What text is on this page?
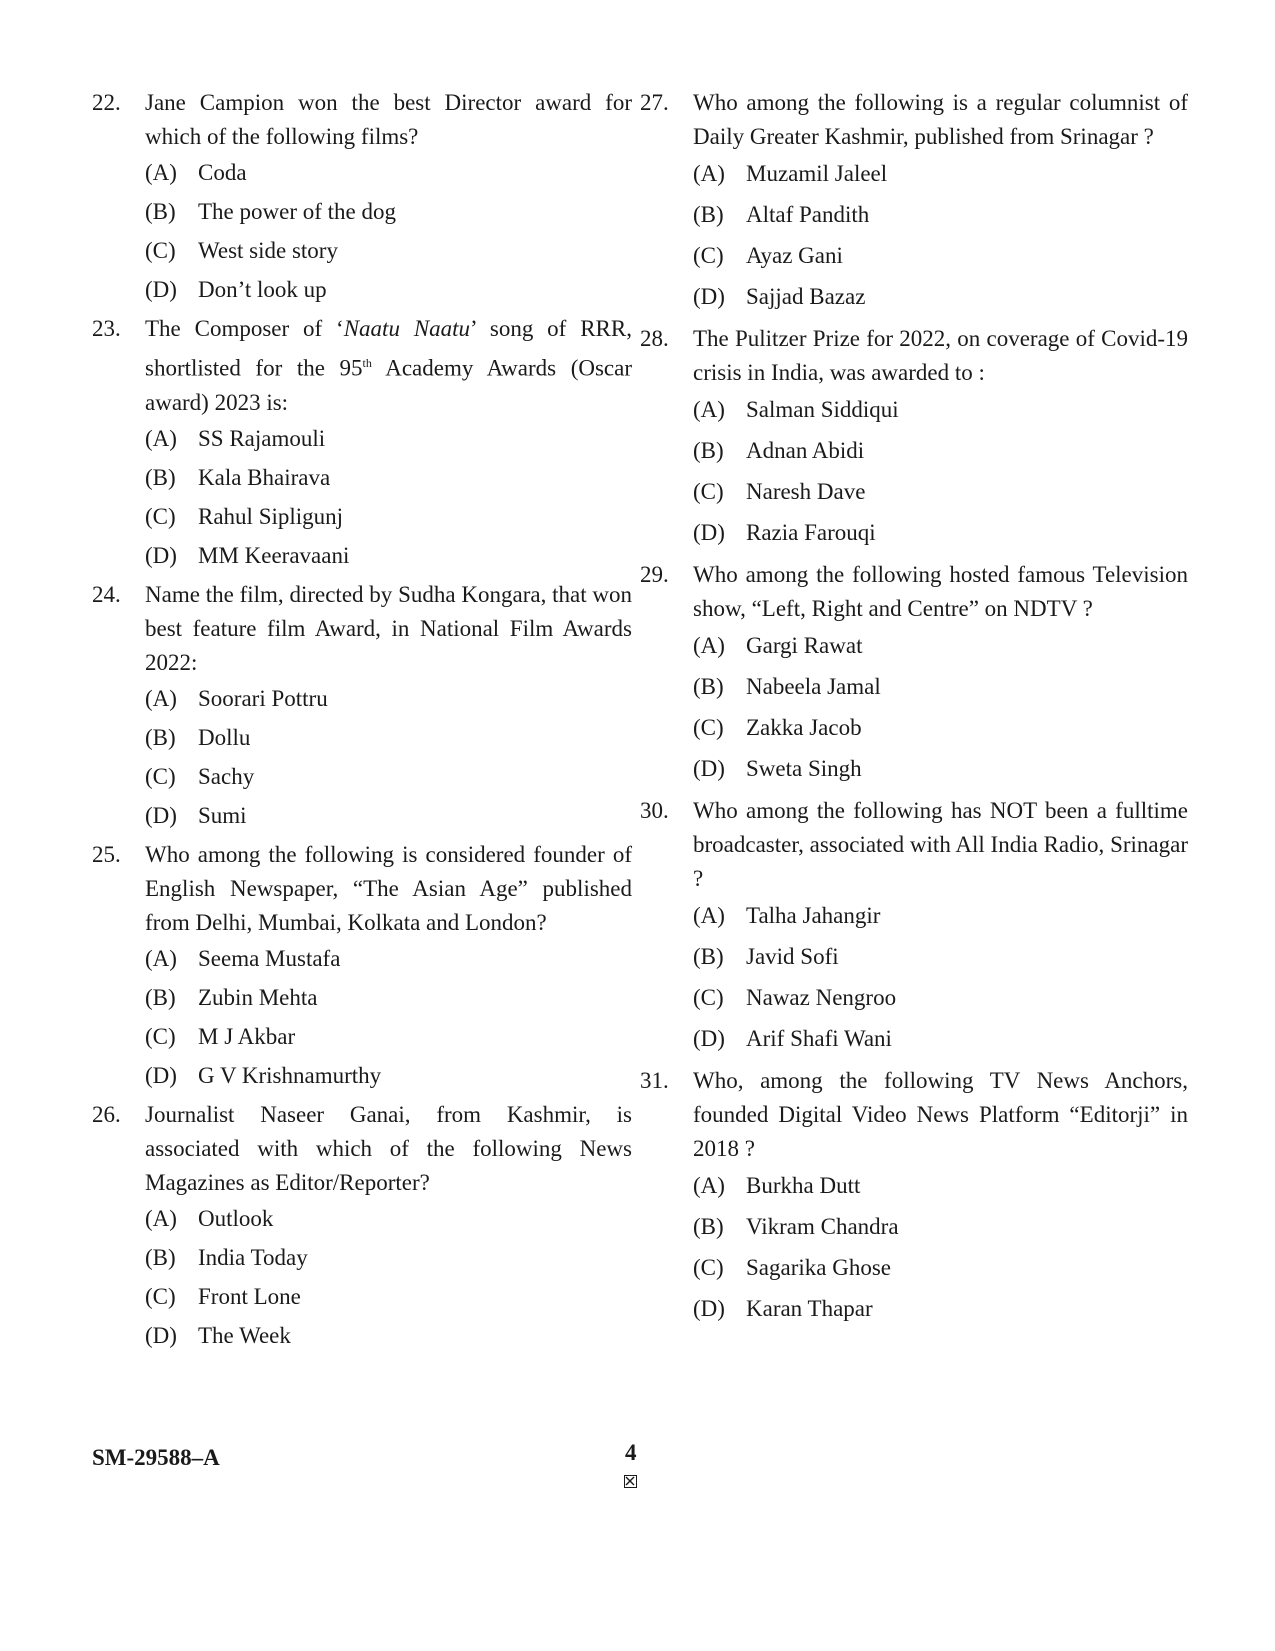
22. Jane Campion won the best Director award for which of the following films?
(A) Coda
(B) The power of the dog
(C) West side story
(D) Don’t look up
23. The Composer of ‘Naatu Naatu’ song of RRR, shortlisted for the 95th Academy Awards (Oscar award) 2023 is:
(A) SS Rajamouli
(B) Kala Bhairava
(C) Rahul Sipligunj
(D) MM Keeravaani
24. Name the film, directed by Sudha Kongara, that won best feature film Award, in National Film Awards 2022:
(A) Soorari Pottru
(B) Dollu
(C) Sachy
(D) Sumi
25. Who among the following is considered founder of English Newspaper, “The Asian Age” published from Delhi, Mumbai, Kolkata and London?
(A) Seema Mustafa
(B) Zubin Mehta
(C) M J Akbar
(D) G V Krishnamurthy
26. Journalist Naseer Ganai, from Kashmir, is associated with which of the following News Magazines as Editor/Reporter?
(A) Outlook
(B) India Today
(C) Front Lone
(D) The Week
27. Who among the following is a regular columnist of Daily Greater Kashmir, published from Srinagar ?
(A) Muzamil Jaleel
(B) Altaf Pandith
(C) Ayaz Gani
(D) Sajjad Bazaz
28. The Pulitzer Prize for 2022, on coverage of Covid-19 crisis in India, was awarded to :
(A) Salman Siddiqui
(B) Adnan Abidi
(C) Naresh Dave
(D) Razia Farouqi
29. Who among the following hosted famous Television show, “Left, Right and Centre” on NDTV ?
(A) Gargi Rawat
(B) Nabeela Jamal
(C) Zakka Jacob
(D) Sweta Singh
30. Who among the following has NOT been a fulltime broadcaster, associated with All India Radio, Srinagar ?
(A) Talha Jahangir
(B) Javid Sofi
(C) Nawaz Nengroo
(D) Arif Shafi Wani
31. Who, among the following TV News Anchors, founded Digital Video News Platform “Editorji” in 2018 ?
(A) Burkha Dutt
(B) Vikram Chandra
(C) Sagarika Ghose
(D) Karan Thapar
SM-29588–A	4
